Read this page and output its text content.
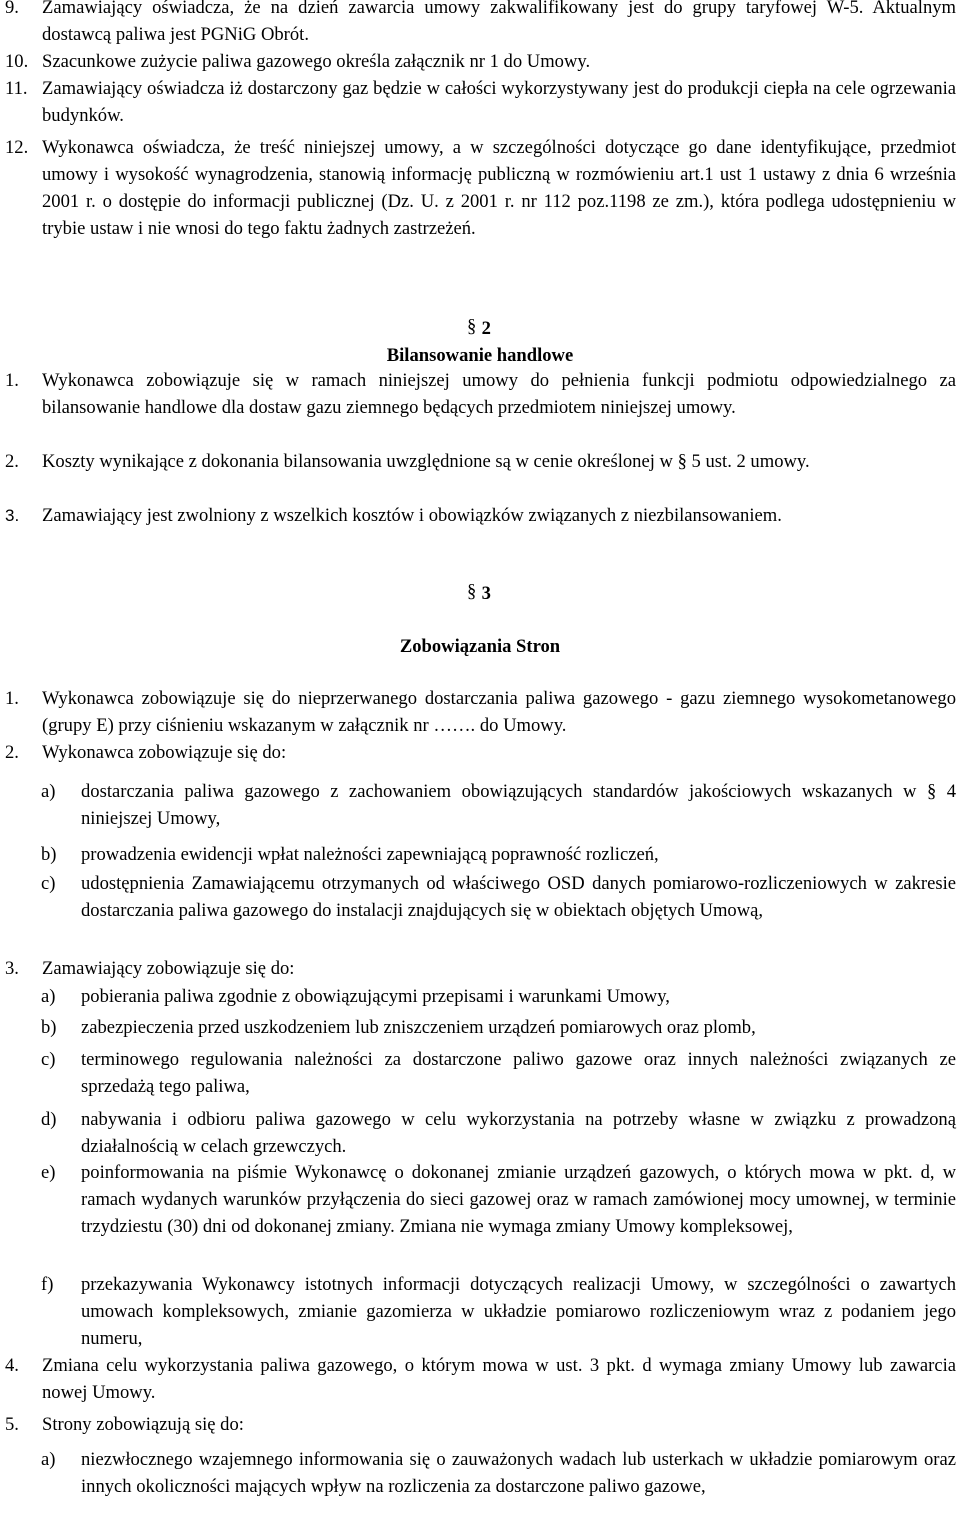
9.	Zamawiający oświadcza, że na dzień zawarcia umowy zakwalifikowany jest do grupy taryfowej W-5. Aktualnym dostawcą paliwa jest PGNiG Obrót.
10. Szacunkowe zużycie paliwa gazowego określa załącznik nr 1 do Umowy.
11. Zamawiający oświadcza iż dostarczony gaz będzie w całości wykorzystywany jest do produkcji ciepła na cele ogrzewania budynków.
12. Wykonawca oświadcza, że treść niniejszej umowy, a w szczególności dotyczące go dane identyfikujące, przedmiot umowy i wysokość wynagrodzenia, stanowią informację publiczną w rozmówieniu art.1 ust 1 ustawy z dnia 6 września 2001 r. o dostępie do informacji publicznej (Dz. U. z 2001 r. nr 112 poz.1198 ze zm.), która podlega udostępnieniu w trybie ustaw i nie wnosi do tego faktu żadnych zastrzeżeń.
§ 2
Bilansowanie handlowe
1.	Wykonawca zobowiązuje się w ramach niniejszej umowy do pełnienia funkcji podmiotu odpowiedzialnego za bilansowanie handlowe dla dostaw gazu ziemnego będących przedmiotem niniejszej umowy.
2.	Koszty wynikające z dokonania bilansowania uwzględnione są w cenie określonej w § 5 ust. 2 umowy.
3.	Zamawiający jest zwolniony z wszelkich kosztów i obowiązków związanych z niezbilansowaniem.
§ 3
Zobowiązania Stron
1.	Wykonawca zobowiązuje się do nieprzerwanego dostarczania paliwa gazowego - gazu ziemnego wysokometanowego (grupy E) przy ciśnieniu wskazanym w załącznik nr ……. do Umowy.
2.	Wykonawca zobowiązuje się do:
a) dostarczania paliwa gazowego z zachowaniem obowiązujących standardów jakościowych wskazanych w § 4 niniejszej Umowy,
b) prowadzenia ewidencji wpłat należności zapewniającą poprawność rozliczeń,
c) udostępnienia Zamawiającemu otrzymanych od właściwego OSD danych pomiarowo-rozliczeniowych w zakresie dostarczania paliwa gazowego do instalacji znajdujących się w obiektach objętych Umową,
3.	Zamawiający zobowiązuje się do:
a) pobierania paliwa zgodnie z obowiązującymi przepisami i warunkami Umowy,
b) zabezpieczenia przed uszkodzeniem lub zniszczeniem urządzeń pomiarowych oraz plomb,
c) terminowego regulowania należności za dostarczone paliwo gazowe oraz innych należności związanych ze sprzedażą tego paliwa,
d) nabywania i odbioru paliwa gazowego w celu wykorzystania na potrzeby własne w związku z prowadzoną działalnością w celach grzewczych.
e) poinformowania na piśmie Wykonawcę o dokonanej zmianie urządzeń gazowych, o których mowa w pkt. d, w ramach wydanych warunków przyłączenia do sieci gazowej oraz w ramach zamówionej mocy umownej, w terminie trzydziestu (30) dni od dokonanej zmiany. Zmiana nie wymaga zmiany Umowy kompleksowej,
f) przekazywania Wykonawcy istotnych informacji dotyczących realizacji Umowy, w szczególności o zawartych umowach kompleksowych, zmianie gazomierza w układzie pomiarowo rozliczeniowym wraz z podaniem jego numeru,
4.	Zmiana celu wykorzystania paliwa gazowego, o którym mowa w ust. 3 pkt. d wymaga zmiany Umowy lub zawarcia nowej Umowy.
5.	Strony zobowiązują się do:
a) niezwłocznego wzajemnego informowania się o zauważonych wadach lub usterkach w układzie pomiarowym oraz innych okoliczności mających wpływ na rozliczenia za dostarczone paliwo gazowe,
